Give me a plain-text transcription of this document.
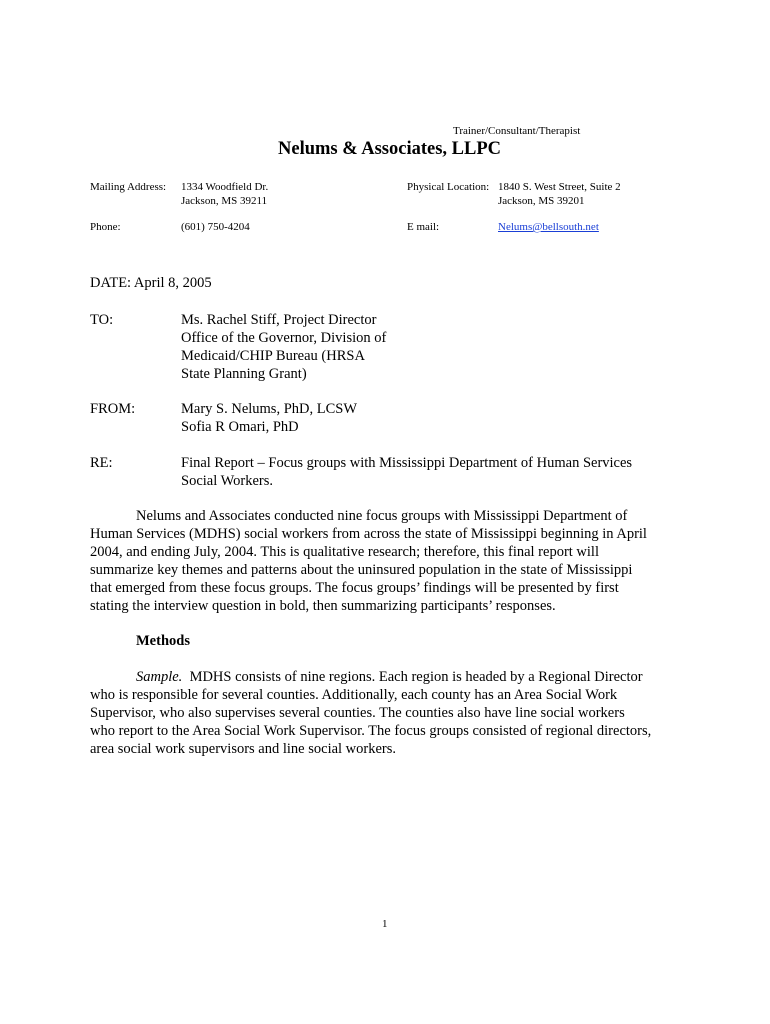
Trainer/Consultant/Therapist
Nelums & Associates, LLPC
Mailing Address: 1334 Woodfield Dr.
Jackson, MS 39211
Physical Location: 1840 S. West Street, Suite 2
Jackson, MS 39201
Phone:	(601) 750-4204	E mail:	Nelums@bellsouth.net
DATE: April 8, 2005
TO:	Ms. Rachel Stiff, Project Director
Office of the Governor, Division of
Medicaid/CHIP Bureau (HRSA
State Planning Grant)
FROM:	Mary S. Nelums, PhD, LCSW
Sofia R Omari, PhD
RE:	Final Report – Focus groups with Mississippi Department of Human Services
Social Workers.
Nelums and Associates conducted nine focus groups with Mississippi Department of
Human Services (MDHS) social workers from across the state of Mississippi beginning in April
2004, and ending July, 2004. This is qualitative research; therefore, this final report will
summarize key themes and patterns about the uninsured population in the state of Mississippi
that emerged from these focus groups. The focus groups’ findings will be presented by first
stating the interview question in bold, then summarizing participants’ responses.
Methods
Sample.  MDHS consists of nine regions. Each region is headed by a Regional Director
who is responsible for several counties. Additionally, each county has an Area Social Work
Supervisor, who also supervises several counties. The counties also have line social workers
who report to the Area Social Work Supervisor. The focus groups consisted of regional directors,
area social work supervisors and line social workers.
1
